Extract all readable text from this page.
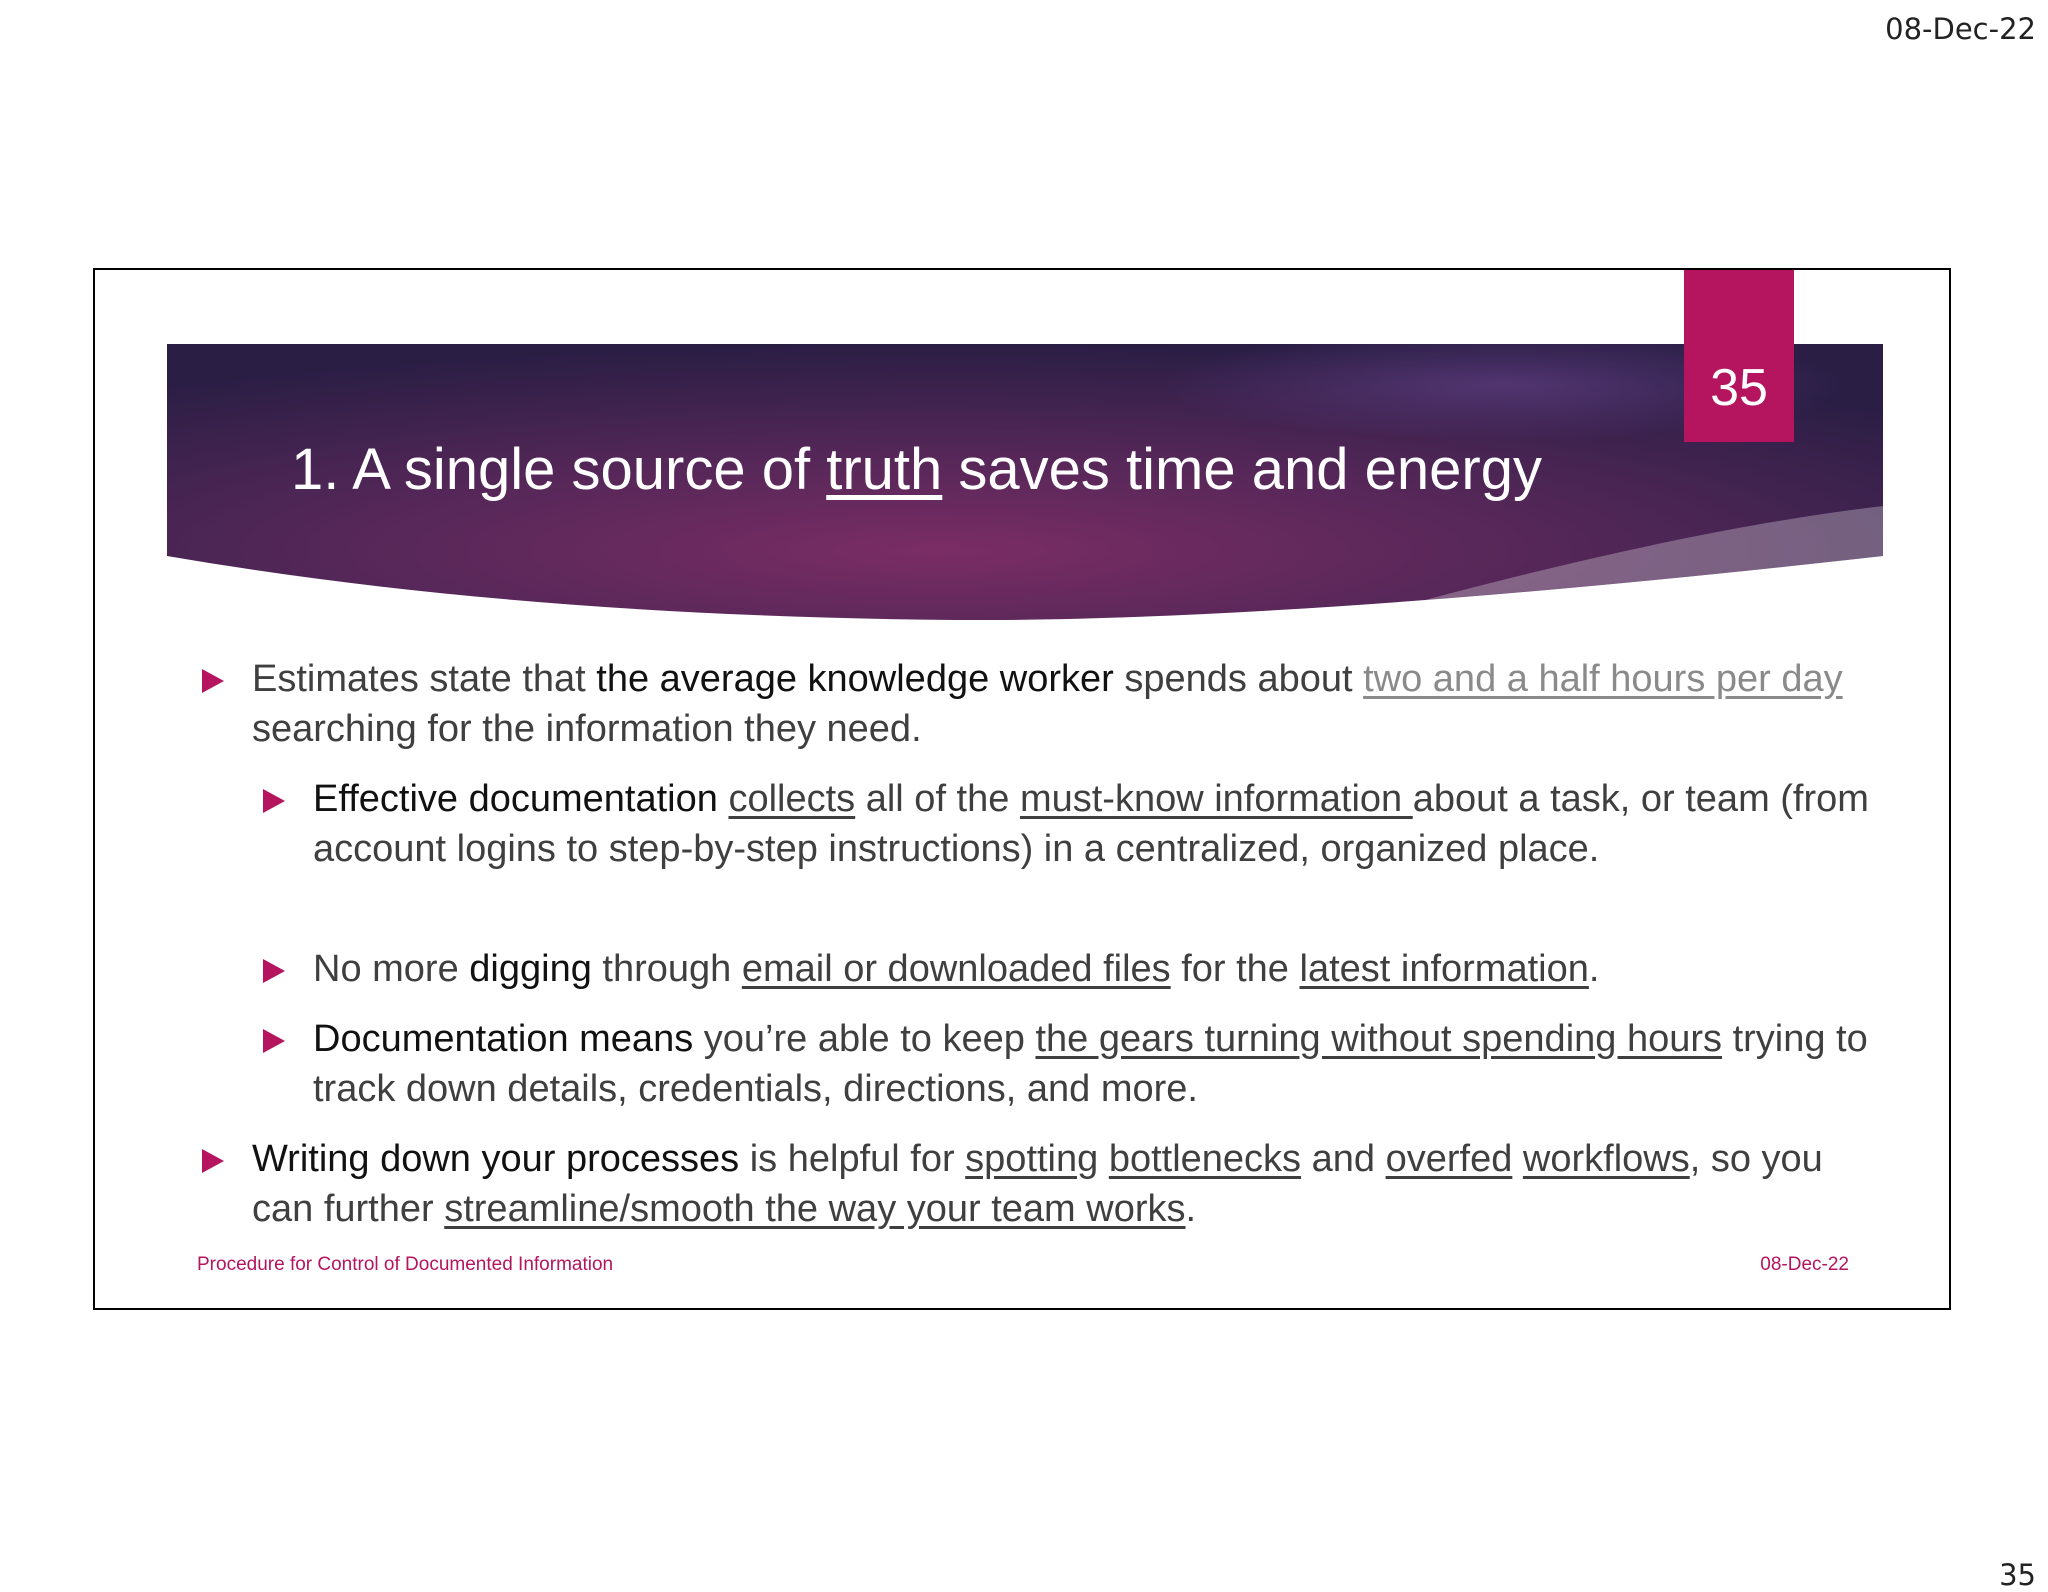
08-Dec-22
35
1. A single source of truth saves time and energy
Estimates state that the average knowledge worker spends about two and a half hours per day searching for the information they need.
Effective documentation collects all of the must-know information about a task, or team (from account logins to step-by-step instructions) in a centralized, organized place.
No more digging through email or downloaded files for the latest information.
Documentation means you’re able to keep the gears turning without spending hours trying to track down details, credentials, directions, and more.
Writing down your processes is helpful for spotting bottlenecks and overfed workflows, so you can further streamline/smooth the way your team works.
Procedure for Control of Documented Information	08-Dec-22
35
